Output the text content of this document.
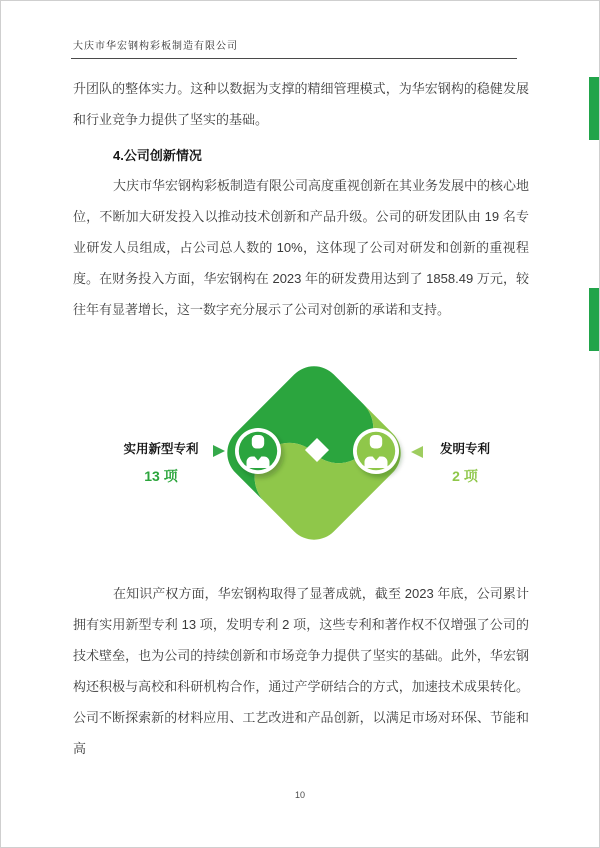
大庆市华宏钢构彩板制造有限公司
升团队的整体实力。这种以数据为支撑的精细管理模式，为华宏钢构的稳健发展和行业竞争力提供了坚实的基础。
4.公司创新情况
大庆市华宏钢构彩板制造有限公司高度重视创新在其业务发展中的核心地位，不断加大研发投入以推动技术创新和产品升级。公司的研发团队由 19 名专业研发人员组成，占公司总人数的 10%，这体现了公司对研发和创新的重视程度。在财务投入方面，华宏钢构在 2023 年的研发费用达到了 1858.49 万元，较往年有显著增长，这一数字充分展示了公司对创新的承诺和支持。
实用新型专利
13 项
发明专利
2 项
在知识产权方面，华宏钢构取得了显著成就，截至 2023 年底，公司累计拥有实用新型专利 13 项，发明专利 2 项，这些专利和著作权不仅增强了公司的技术壁垒，也为公司的持续创新和市场竞争力提供了坚实的基础。此外，华宏钢构还积极与高校和科研机构合作，通过产学研结合的方式，加速技术成果转化。公司不断探索新的材料应用、工艺改进和产品创新，以满足市场对环保、节能和高
10
